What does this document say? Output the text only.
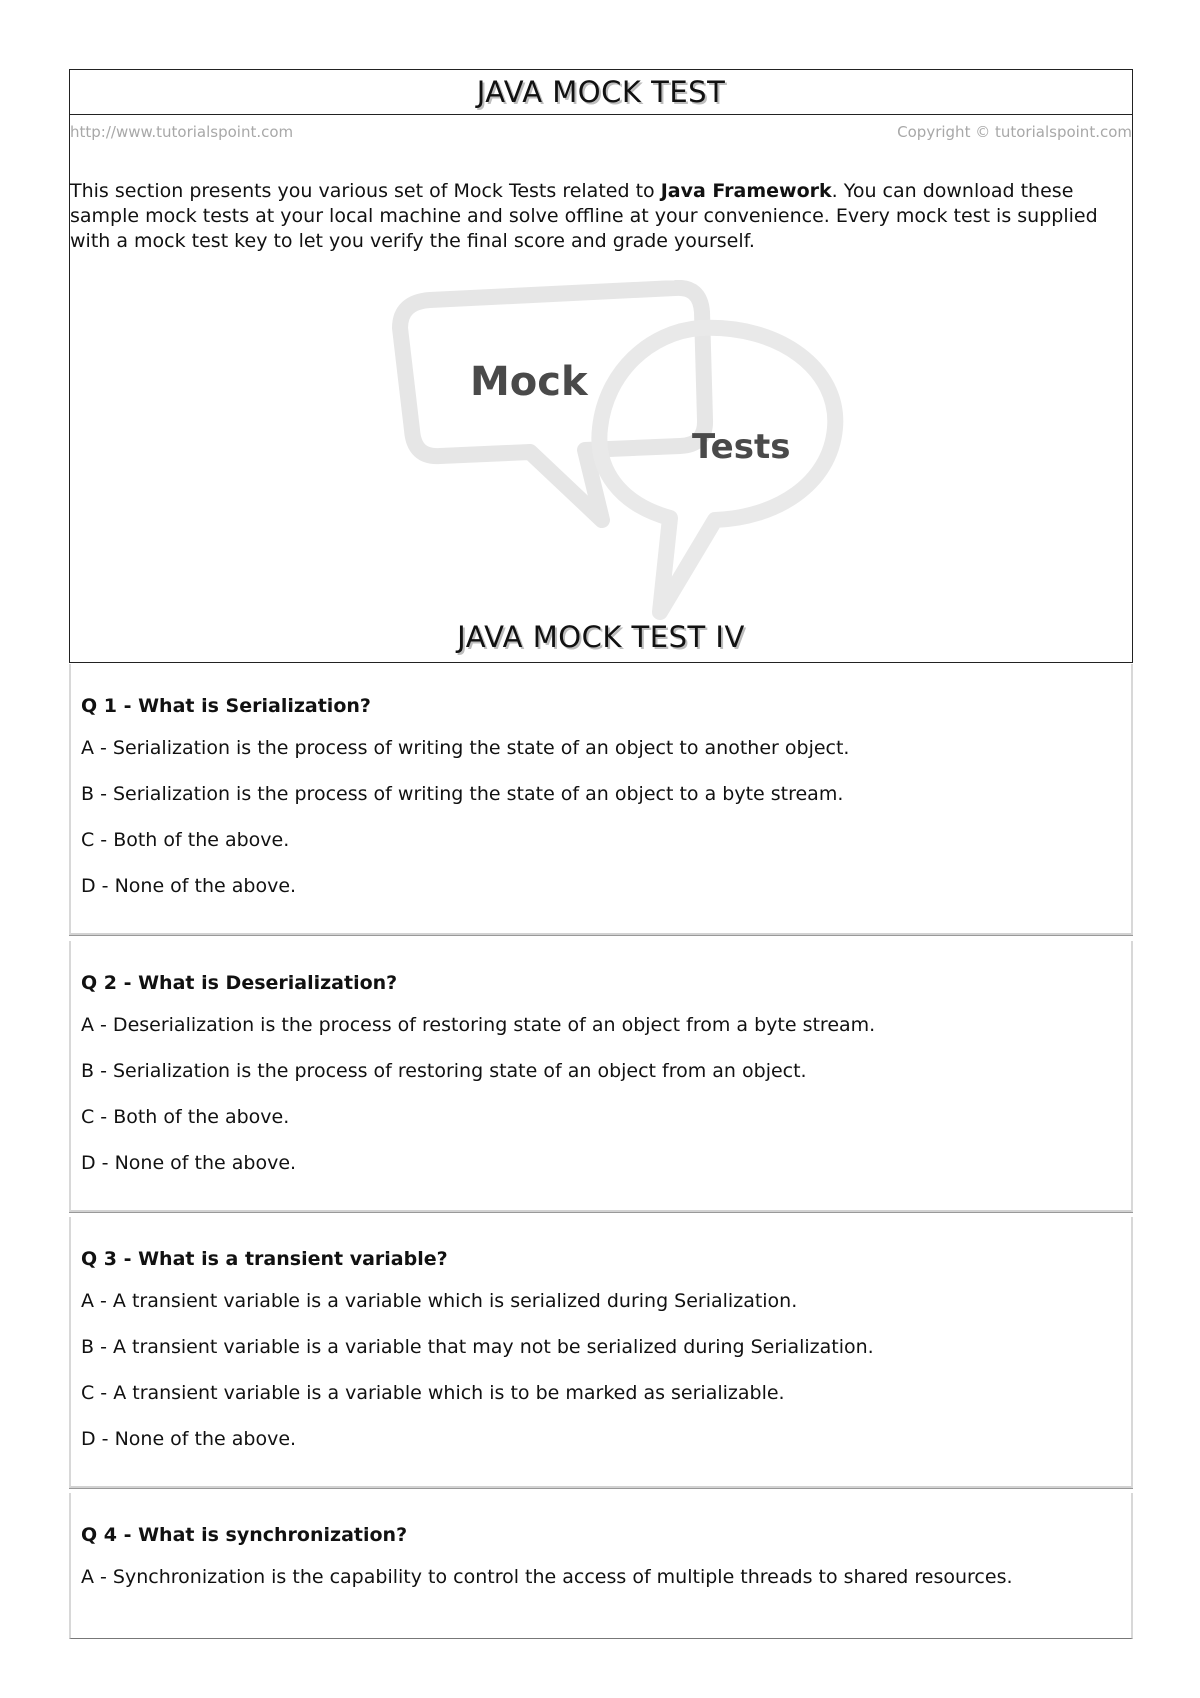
JAVA MOCK TEST
http://www.tutorialspoint.com	Copyright © tutorialspoint.com

This section presents you various set of Mock Tests related to Java Framework. You can download these sample mock tests at your local machine and solve offline at your convenience. Every mock test is supplied with a mock test key to let you verify the final score and grade yourself.

Mock
Tests
JAVA MOCK TEST IV
Q 1 - What is Serialization?
A - Serialization is the process of writing the state of an object to another object.
B - Serialization is the process of writing the state of an object to a byte stream.
C - Both of the above.
D - None of the above.
Q 2 - What is Deserialization?
A - Deserialization is the process of restoring state of an object from a byte stream.
B - Serialization is the process of restoring state of an object from an object.
C - Both of the above.
D - None of the above.
Q 3 - What is a transient variable?
A - A transient variable is a variable which is serialized during Serialization.
B - A transient variable is a variable that may not be serialized during Serialization.
C - A transient variable is a variable which is to be marked as serializable.
D - None of the above.
Q 4 - What is synchronization?
A - Synchronization is the capability to control the access of multiple threads to shared resources.
